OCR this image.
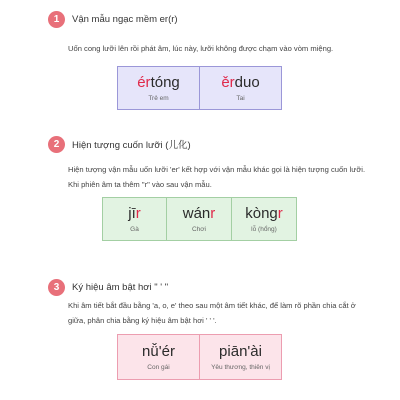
1	Vận mẫu ngạc mềm er(r)
Uốn cong lưỡi lên rồi phát âm, lúc này, lưỡi không được chạm vào vòm miệng.
értóng
Trẻ em
ěrduo
Tai
2	Hiện tượng cuốn lưỡi (儿化)
Hiện tượng vận mẫu uốn lưỡi 'er' kết hợp với vận mẫu khác gọi là hiện tượng cuốn lưỡi. Khi phiên âm ta thêm "r" vào sau vận mẫu.
jīr
Gà
wánr
Chơi
kòngr
lỗ (hổng)
3	Ký hiệu âm bật hơi " ' "
Khi âm tiết bắt đầu bằng 'a, o, e' theo sau một âm tiết khác, để làm rõ phần chia cắt ở giữa, phân chia bằng ký hiệu âm bật hơi ' ' '.
nǚ'ér
Con gái
piān'ài
Yêu thương, thiên vị
